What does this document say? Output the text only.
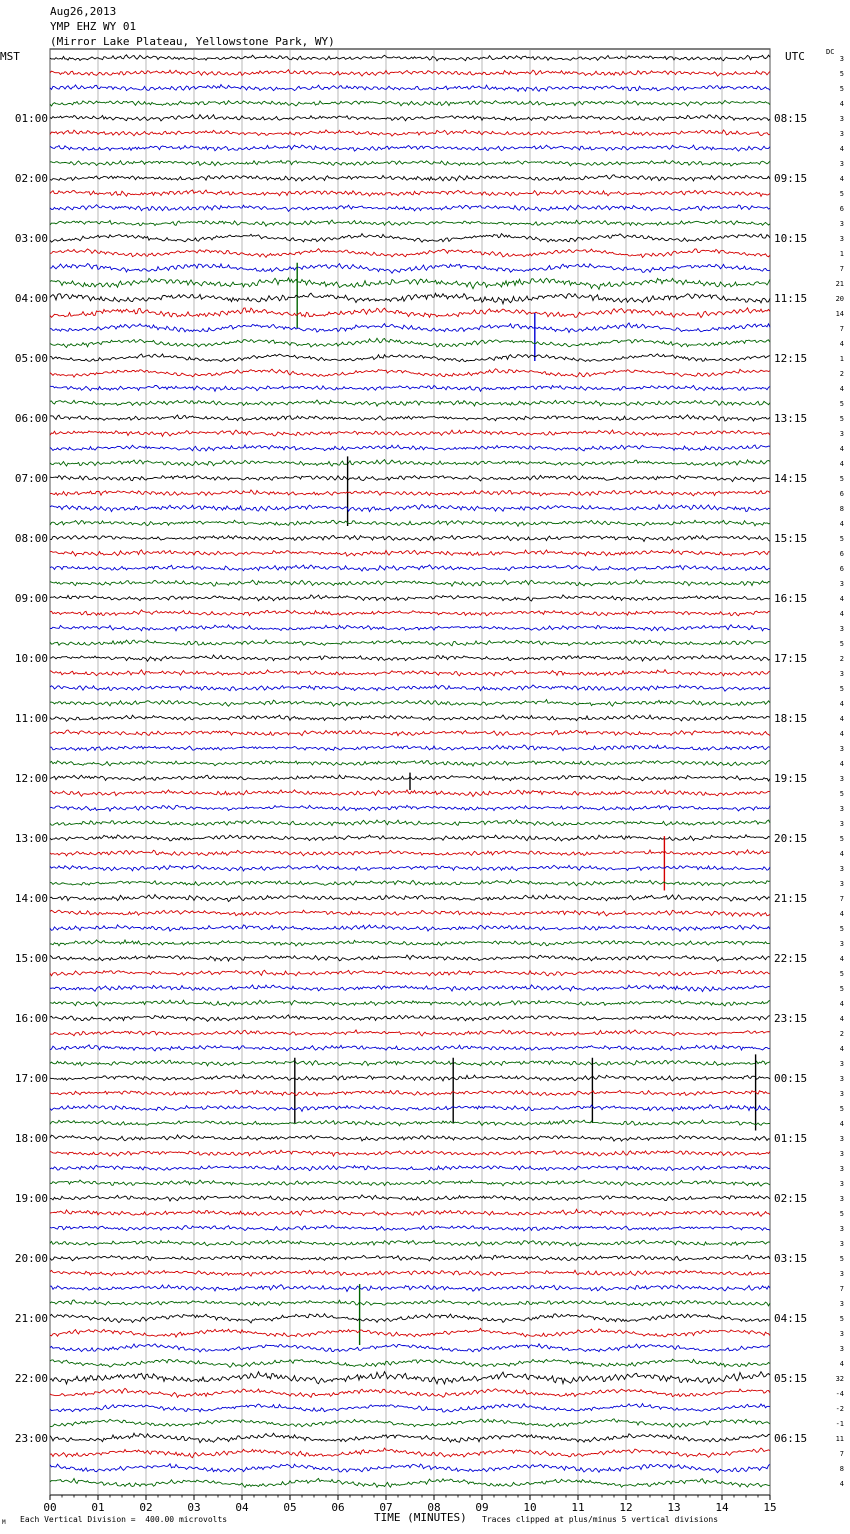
Aug26,2013
YMP EHZ WY 01
(Mirror Lake Plateau, Yellowstone Park, WY)
MST	UTC	DC
00	01	02	03	04	05	06	07	08	09	10	11	12	13	14	15
3
5
5
4
3
3
4
3
4
5
6
3
3
1
7
21
20
14
7
4
1
2
4
5
5
3
4
4
5
6
8
4
5
6
6
3
4
4
3
5
2
3
5
4
4
4
3
4
3
5
3
3
5
4
3
3
7
4
5
3
4
5
5
4
4
2
4
3
3
3
5
4
3
3
3
3
3
5
3
3
5
3
7
3
5
3
3
4
32
-4
-2
-1
11
7
8
4
01:00
02:00
03:00
04:00
05:00
06:00
07:00
08:00
09:00
10:00
11:00
12:00
13:00
14:00
15:00
16:00
17:00
18:00
19:00
20:00
21:00
22:00
23:00
08:15
09:15
10:15
11:15
12:15
13:15
14:15
15:15
16:15
17:15
18:15
19:15
20:15
21:15
22:15
23:15
00:15
01:15
02:15
03:15
04:15
05:15
06:15
M Each Vertical Division =  400.00 microvolts	TIME (MINUTES) Traces clipped at plus/minus 5 vertical divisions
